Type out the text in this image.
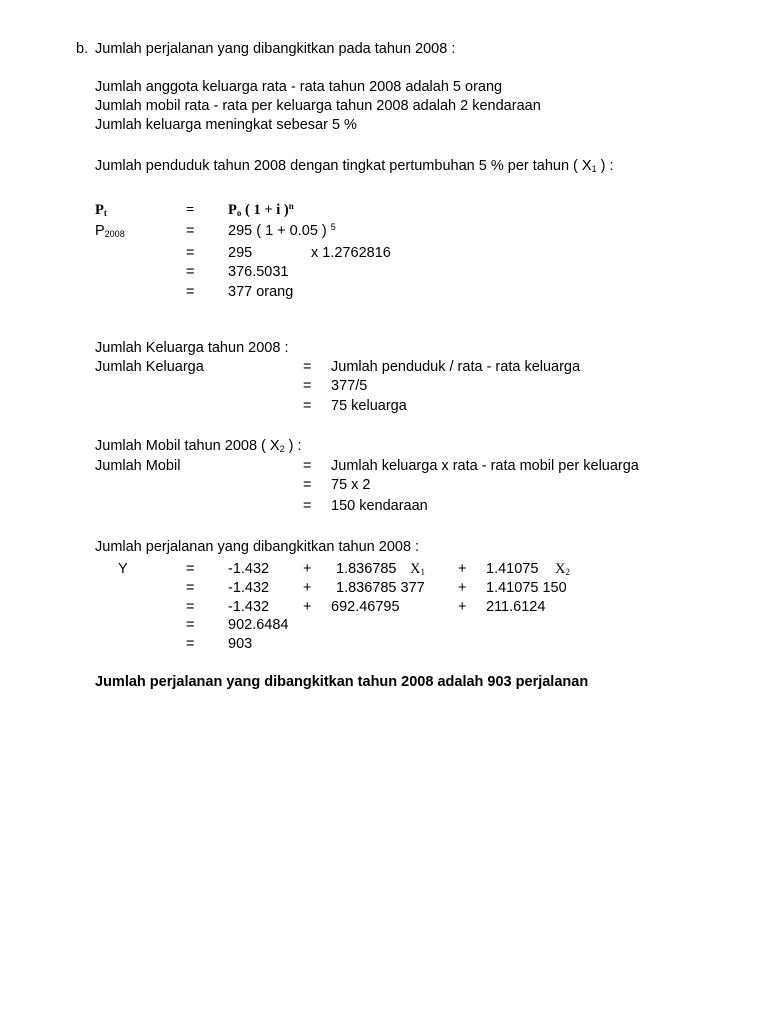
b. Jumlah perjalanan yang dibangkitkan pada tahun 2008 :
Jumlah anggota keluarga rata - rata tahun 2008 adalah 5 orang
Jumlah mobil rata - rata per keluarga tahun 2008 adalah 2 kendaraan
Jumlah keluarga meningkat sebesar 5 %
Jumlah penduduk tahun 2008 dengan tingkat pertumbuhan 5 % per tahun ( $X_1$ ) :
$P_t$	= $P_o$ ( 1 + i )$^n$
$P_{2008}$	= 295 ( 1 + 0.05 ) $^5$
= 295	x 1.2762816
= 376.5031
= 377 orang
Jumlah Keluarga tahun 2008 :
Jumlah Keluarga	= Jumlah penduduk / rata - rata keluarga
= 377/5
= 75 keluarga
Jumlah Mobil tahun 2008 ( $X_2$ ) :
Jumlah Mobil	= Jumlah keluarga x rata - rata mobil per keluarga
= 75 x 2
= 150 kendaraan
Jumlah perjalanan yang dibangkitkan tahun 2008 :
Y	= -1.432 + 1.836785 $X_1 + 1.41075$ $X_2$
= -1.432 + 1.836785 377 + 1.41075 150
= -1.432 + 692.46795	+ 211.6124
= 902.6484
= 903
Jumlah perjalanan yang dibangkitkan tahun 2008 adalah 903 perjalanan
